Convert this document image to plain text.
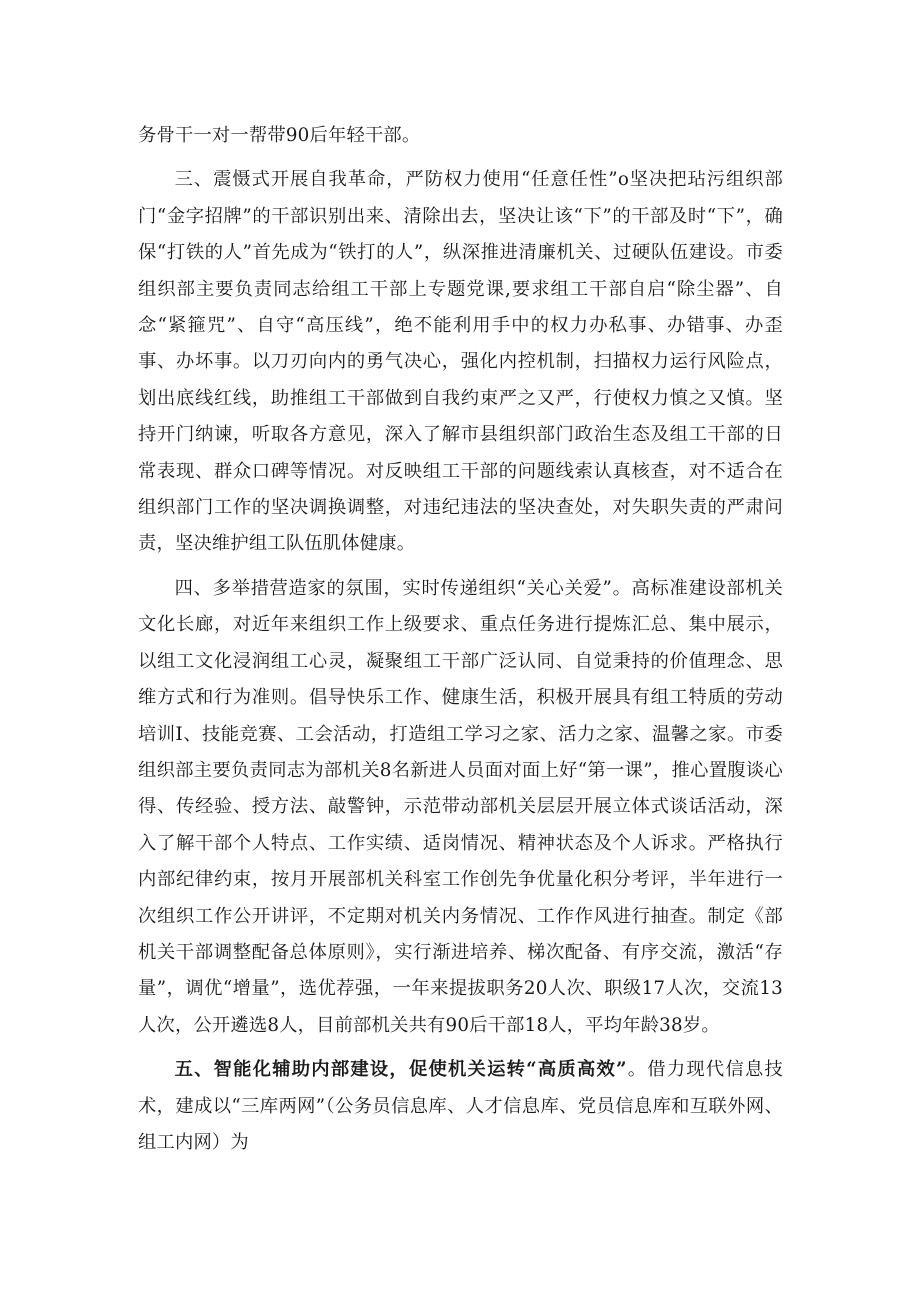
务骨干一对一帮带90后年轻干部。

三、震慑式开展自我革命，严防权力使用“任意任性”o坚决把玷污组织部门“金字招牌”的干部识别出来、清除出去，坚决让该“下”的干部及时“下”，确保“打铁的人”首先成为“铁打的人”，纵深推进清廉机关、过硬队伍建设。市委组织部主要负责同志给组工干部上专题党课,要求组工干部自启“除尘器”、自念“紧箍咒”、自守“高压线”，绝不能利用手中的权力办私事、办错事、办歪事、办坏事。以刀刃向内的勇气决心，强化内控机制，扫描权力运行风险点，划出底线红线，助推组工干部做到自我约束严之又严，行使权力慎之又慎。坚持开门纳谏，听取各方意见，深入了解市县组织部门政治生态及组工干部的日常表现、群众口碑等情况。对反映组工干部的问题线索认真核查，对不适合在组织部门工作的坚决调换调整，对违纪违法的坚决查处，对失职失责的严肃问责，坚决维护组工队伍肌体健康。

四、多举措营造家的氛围，实时传递组织“关心关爱”。高标准建设部机关文化长廊，对近年来组织工作上级要求、重点任务进行提炼汇总、集中展示，以组工文化浸润组工心灵，凝聚组工干部广泛认同、自觉秉持的价值理念、思维方式和行为准则。倡导快乐工作、健康生活，积极开展具有组工特质的劳动培训I、技能竞赛、工会活动，打造组工学习之家、活力之家、温馨之家。市委组织部主要负责同志为部机关8名新进人员面对面上好“第一课”，推心置腹谈心得、传经验、授方法、敲警钟，示范带动部机关层层开展立体式谈话活动，深入了解干部个人特点、工作实绩、适岗情况、精神状态及个人诉求。严格执行内部纪律约束，按月开展部机关科室工作创先争优量化积分考评，半年进行一次组织工作公开讲评，不定期对机关内务情况、工作作风进行抽查。制定《部机关干部调整配备总体原则》，实行渐进培养、梯次配备、有序交流，激活“存量”，调优“增量”，选优荐强，一年来提拔职务20人次、职级17人次，交流13人次，公开遴选8人，目前部机关共有90后干部18人，平均年龄38岁。

五、智能化辅助内部建设，促使机关运转“高质高效”。借力现代信息技术，建成以“三库两网”（公务员信息库、人才信息库、党员信息库和互联外网、组工内网）为
